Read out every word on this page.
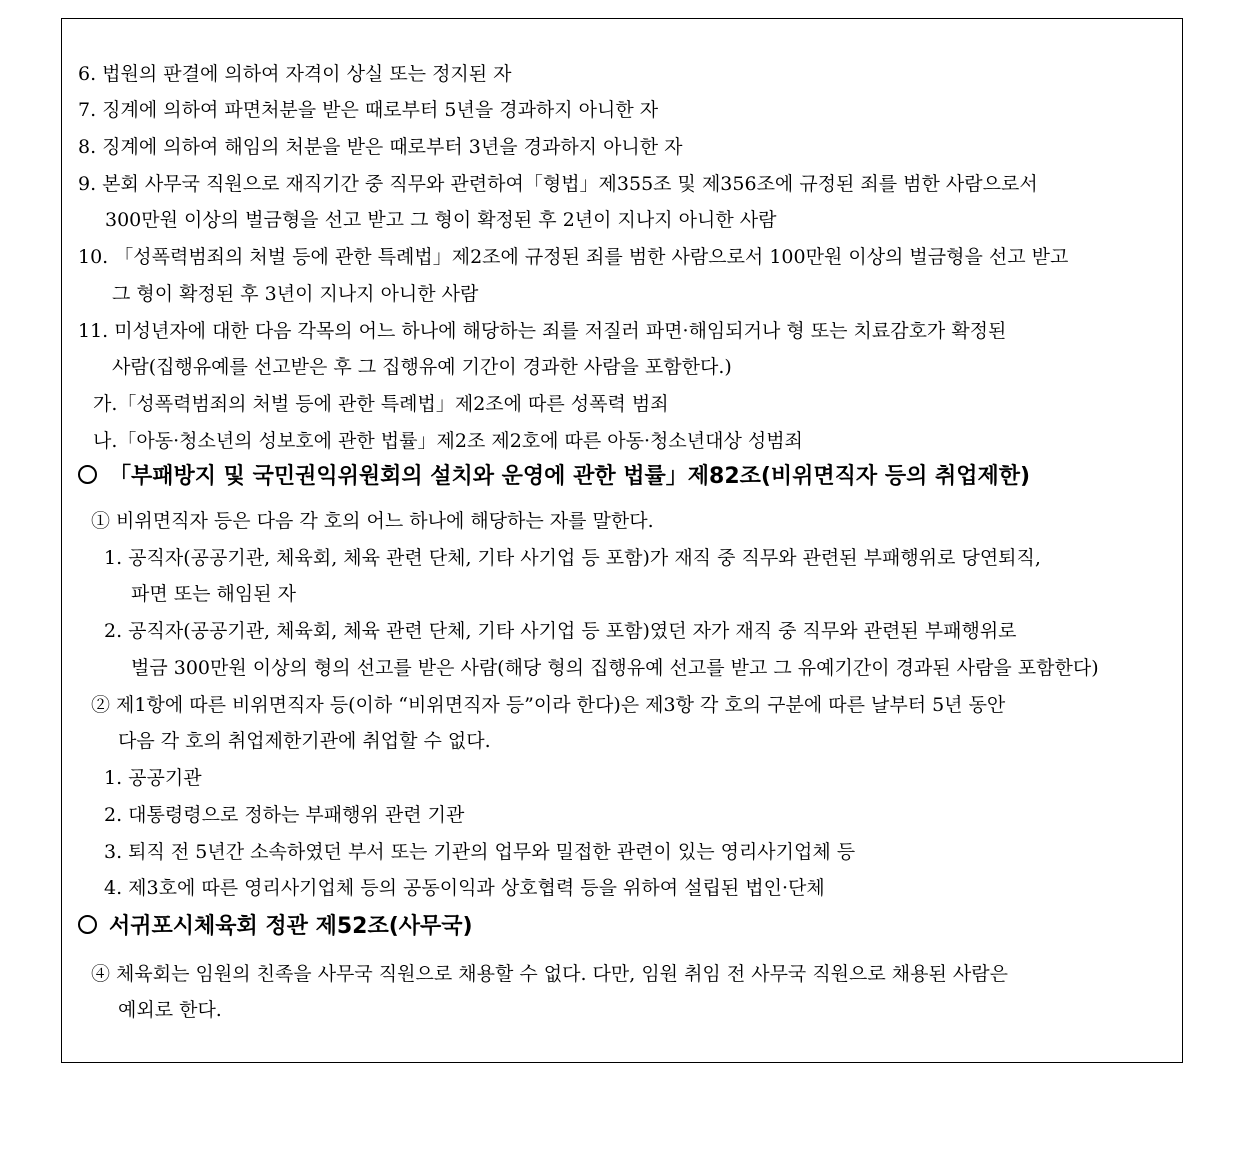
6. 법원의 판결에 의하여 자격이 상실 또는 정지된 자
7. 징계에 의하여 파면처분을 받은 때로부터 5년을 경과하지 아니한 자
8. 징계에 의하여 해임의 처분을 받은 때로부터 3년을 경과하지 아니한 자
9. 본회 사무국 직원으로 재직기간 중 직무와 관련하여「형법」제355조 및 제356조에 규정된 죄를 범한 사람으로서
300만원 이상의 벌금형을 선고 받고 그 형이 확정된 후 2년이 지나지 아니한 사람
10. 「성폭력범죄의 처벌 등에 관한 특례법」제2조에 규정된 죄를 범한 사람으로서 100만원 이상의 벌금형을 선고 받고
그 형이 확정된 후 3년이 지나지 아니한 사람
11. 미성년자에 대한 다음 각목의 어느 하나에 해당하는 죄를 저질러 파면·해임되거나 형 또는 치료감호가 확정된
사람(집행유예를 선고받은 후 그 집행유예 기간이 경과한 사람을 포함한다.)
가.「성폭력범죄의 처벌 등에 관한 특례법」제2조에 따른 성폭력 범죄
나.「아동·청소년의 성보호에 관한 법률」제2조 제2호에 따른 아동·청소년대상 성범죄
「부패방지 및 국민권익위원회의 설치와 운영에 관한 법률」제82조(비위면직자 등의 취업제한)
① 비위면직자 등은 다음 각 호의 어느 하나에 해당하는 자를 말한다.
1. 공직자(공공기관, 체육회, 체육 관련 단체, 기타 사기업 등 포함)가 재직 중 직무와 관련된 부패행위로 당연퇴직,
파면 또는 해임된 자
2. 공직자(공공기관, 체육회, 체육 관련 단체, 기타 사기업 등 포함)였던 자가 재직 중 직무와 관련된 부패행위로
벌금 300만원 이상의 형의 선고를 받은 사람(해당 형의 집행유예 선고를 받고 그 유예기간이 경과된 사람을 포함한다)
② 제1항에 따른 비위면직자 등(이하 “비위면직자 등”이라 한다)은 제3항 각 호의 구분에 따른 날부터 5년 동안
다음 각 호의 취업제한기관에 취업할 수 없다.
1. 공공기관
2. 대통령령으로 정하는 부패행위 관련 기관
3. 퇴직 전 5년간 소속하였던 부서 또는 기관의 업무와 밀접한 관련이 있는 영리사기업체 등
4. 제3호에 따른 영리사기업체 등의 공동이익과 상호협력 등을 위하여 설립된 법인·단체
서귀포시체육회 정관 제52조(사무국)
④ 체육회는 임원의 친족을 사무국 직원으로 채용할 수 없다. 다만, 임원 취임 전 사무국 직원으로 채용된 사람은
예외로 한다.
